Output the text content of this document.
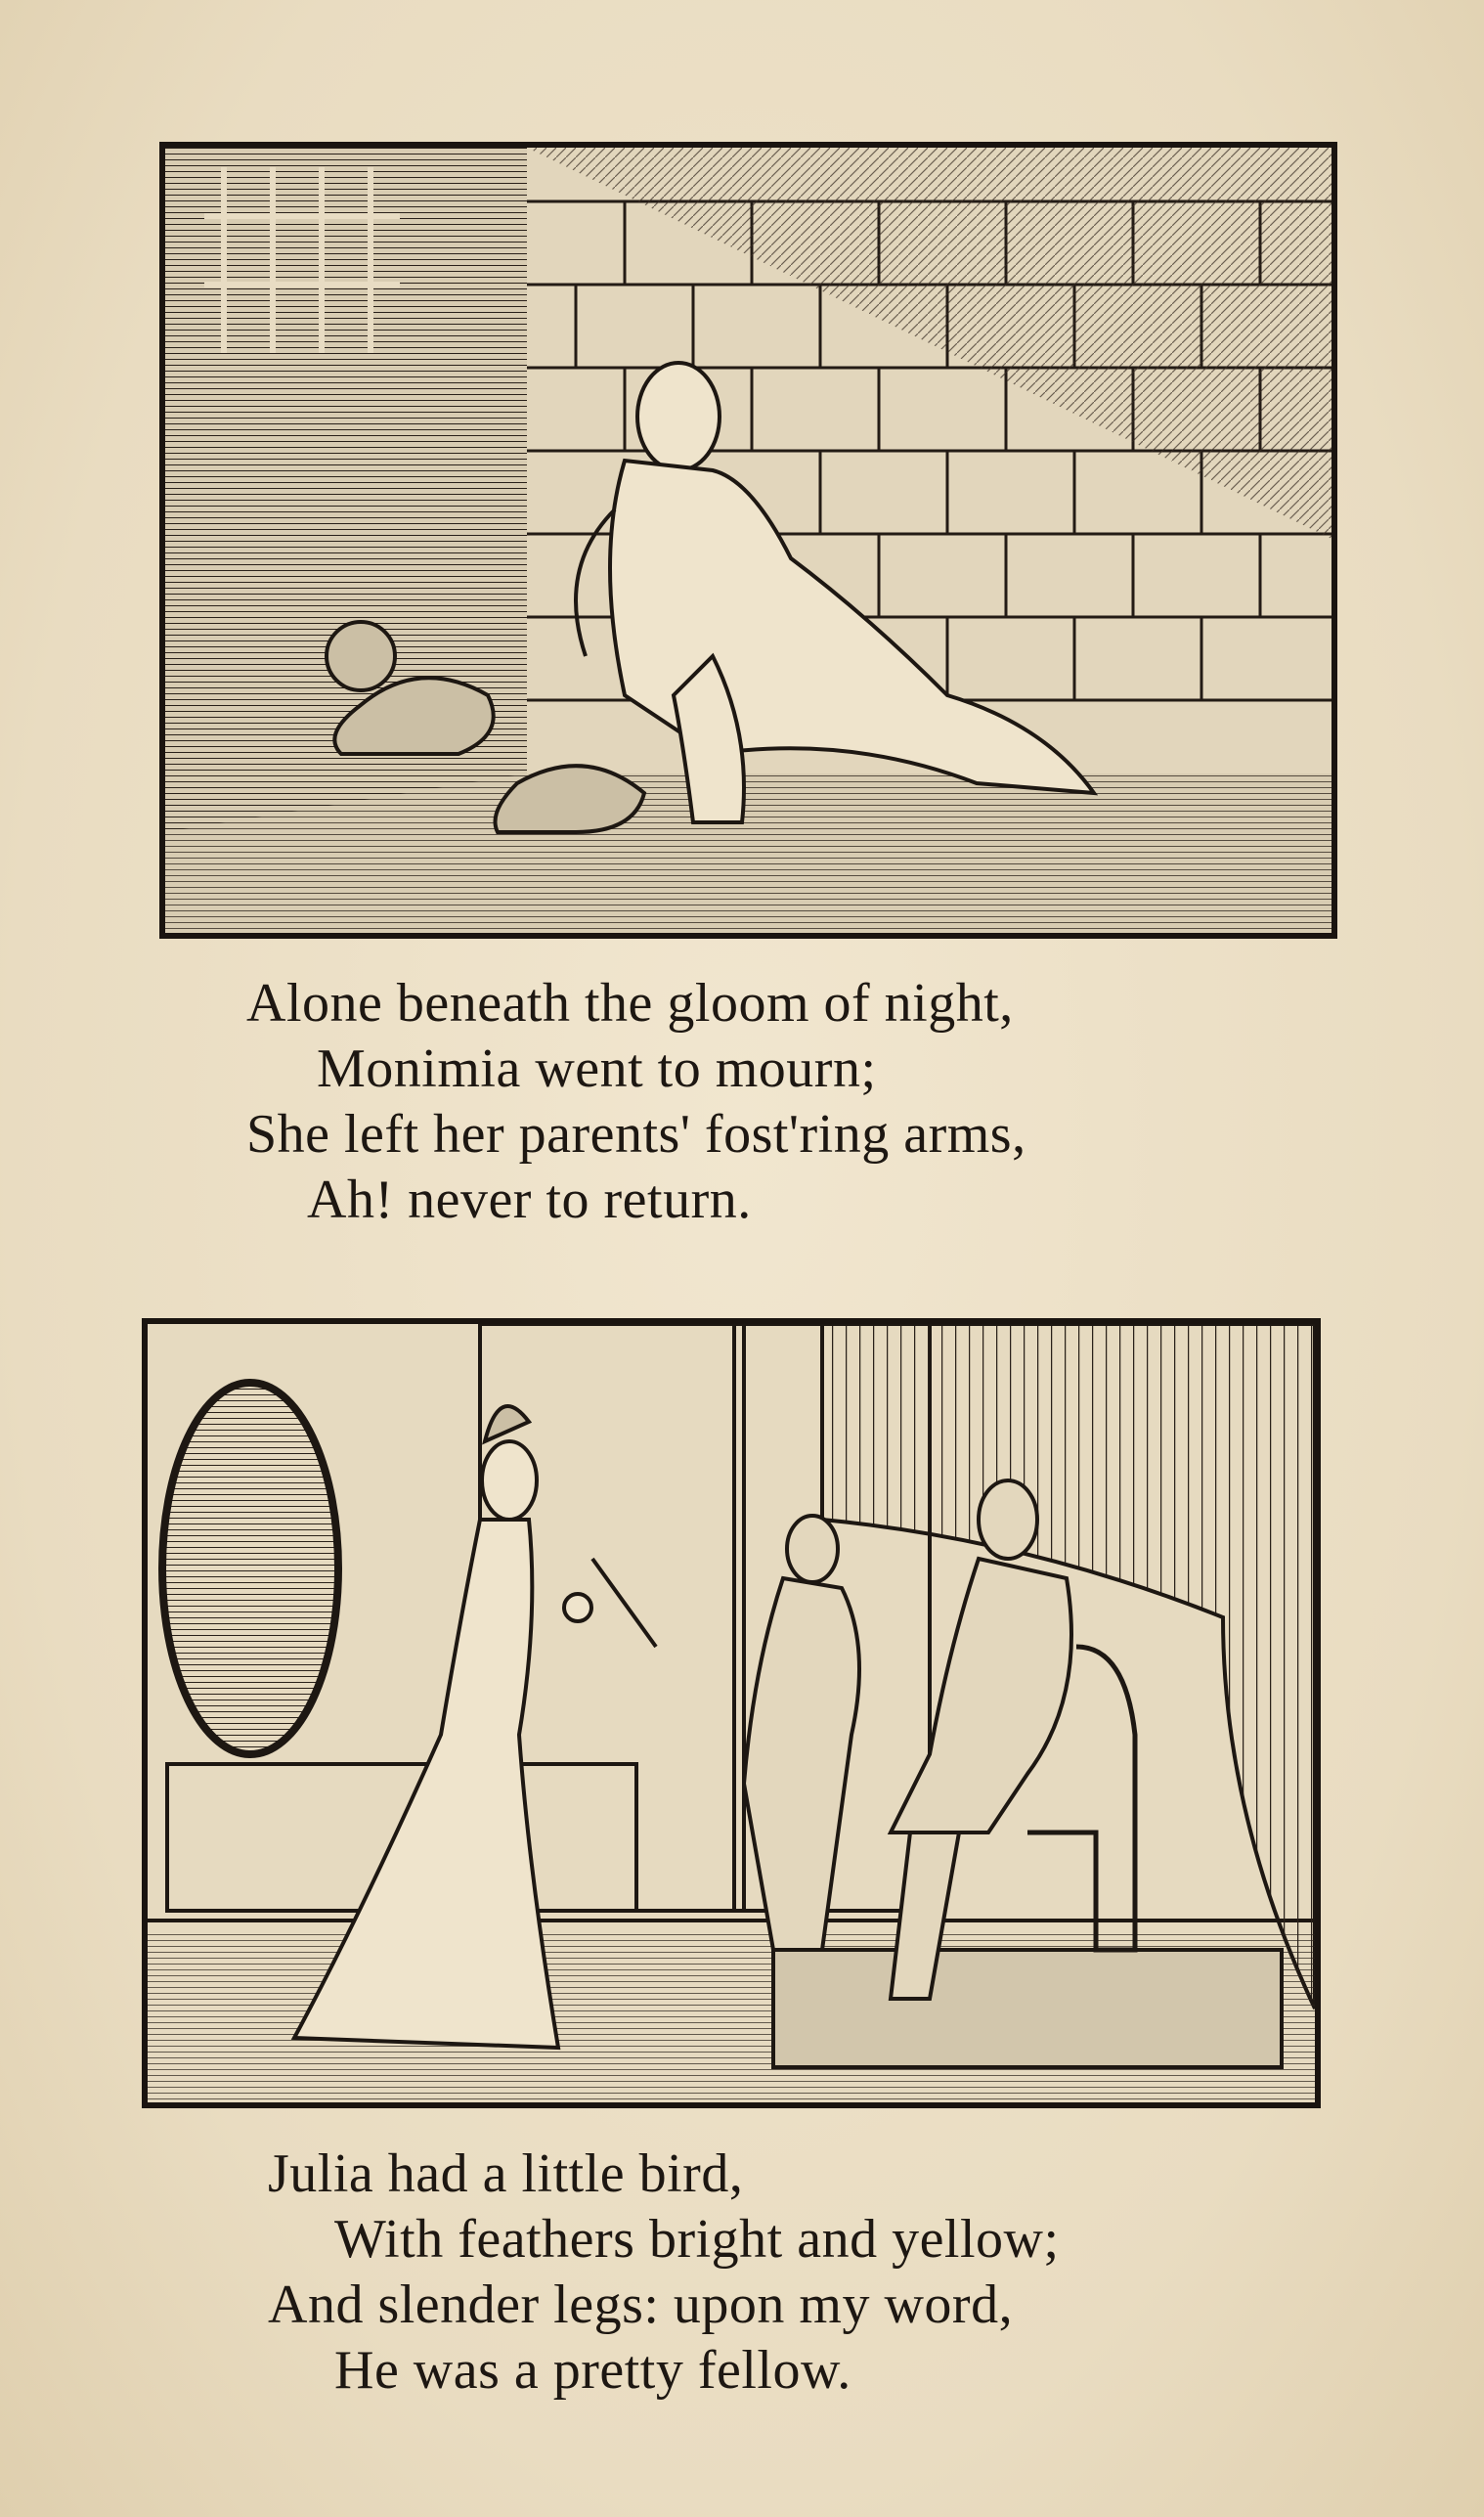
Alone beneath the gloom of night,
Monimia went to mourn;
She left her parents' fost'ring arms,
Ah! never to return.
Julia had a little bird,
With feathers bright and yellow;
And slender legs: upon my word,
He was a pretty fellow.
